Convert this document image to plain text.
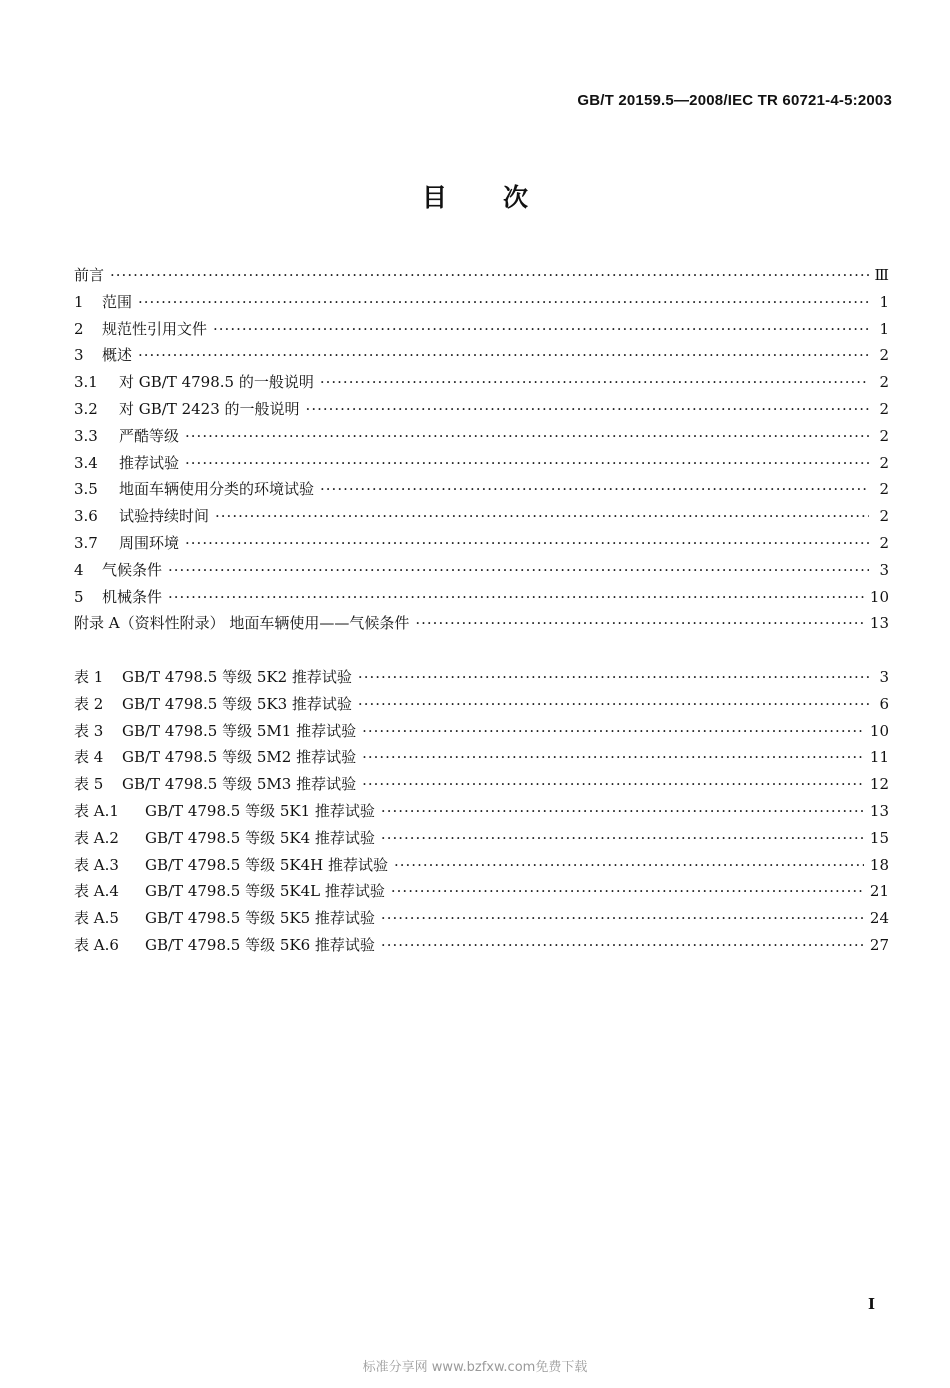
GB/T 20159.5—2008/IEC TR 60721-4-5:2003
目次
前言 ·····	Ⅲ
1	范围 ·····	1
2	规范性引用文件 ·····	1
3	概述 ·····	2
3.1	对 GB/T 4798.5 的一般说明 ·····	2
3.2	对 GB/T 2423 的一般说明 ·····	2
3.3	严酷等级 ·····	2
3.4	推荐试验 ·····	2
3.5	地面车辆使用分类的环境试验 ·····	2
3.6	试验持续时间 ·····	2
3.7	周围环境 ·····	2
4	气候条件 ·····	3
5	机械条件 ·····	10
附录 A（资料性附录） 地面车辆使用——气候条件 ·····	13
表 1	GB/T 4798.5 等级 5K2 推荐试验 ·····	3
表 2	GB/T 4798.5 等级 5K3 推荐试验 ·····	6
表 3	GB/T 4798.5 等级 5M1 推荐试验 ·····	10
表 4	GB/T 4798.5 等级 5M2 推荐试验 ·····	11
表 5	GB/T 4798.5 等级 5M3 推荐试验 ·····	12
表 A.1	GB/T 4798.5 等级 5K1 推荐试验 ·····	13
表 A.2	GB/T 4798.5 等级 5K4 推荐试验 ·····	15
表 A.3	GB/T 4798.5 等级 5K4H 推荐试验 ·····	18
表 A.4	GB/T 4798.5 等级 5K4L 推荐试验 ·····	21
表 A.5	GB/T 4798.5 等级 5K5 推荐试验 ·····	24
表 A.6	GB/T 4798.5 等级 5K6 推荐试验 ·····	27
I
标准分享网 www.bzfxw.com免费下载
